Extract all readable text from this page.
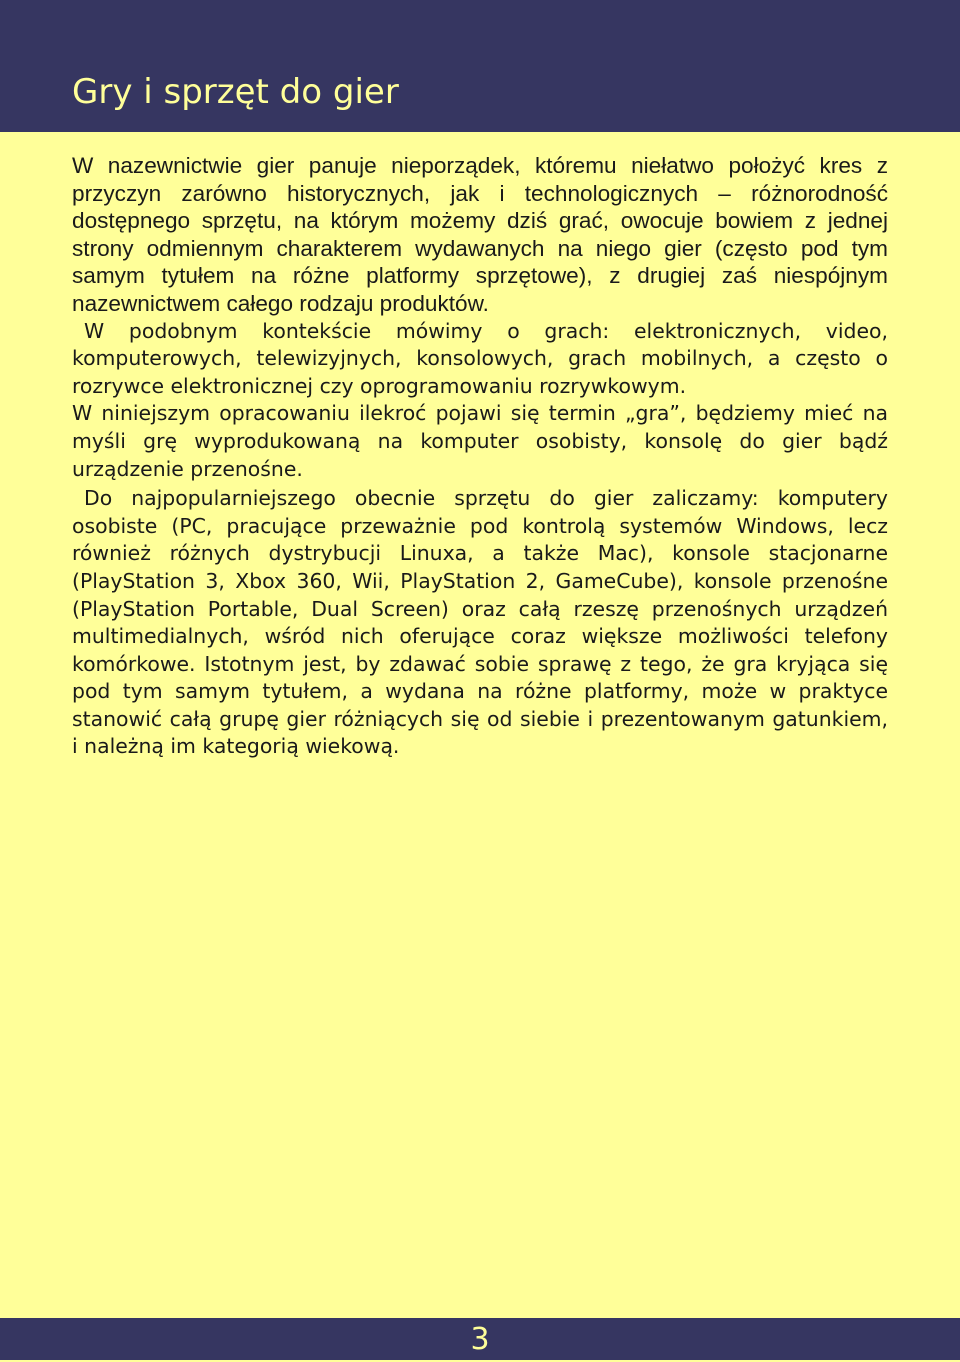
Gry i sprzęt do gier

W nazewnictwie gier panuje nieporządek, któremu niełatwo położyć kres z przyczyn zarówno historycznych, jak i technologicznych – różnorodność dostępnego sprzętu, na którym możemy dziś grać, owocuje bowiem z jednej strony odmiennym charakterem wydawanych na niego gier (często pod tym samym tytułem na różne platformy sprzętowe), z drugiej zaś niespójnym nazewnictwem całego rodzaju produktów.

W podobnym kontekście mówimy o grach: elektronicznych, video, komputerowych, telewizyjnych, konsolowych, grach mobilnych, a często o rozrywce elektronicznej czy oprogramowaniu rozrywkowym.

W niniejszym opracowaniu ilekroć pojawi się termin „gra”, będziemy mieć na myśli grę wyprodukowaną na komputer osobisty, konsolę do gier bądź urządzenie przenośne.

Do najpopularniejszego obecnie sprzętu do gier zaliczamy: komputery osobiste (PC, pracujące przeważnie pod kontrolą systemów Windows, lecz również różnych dystrybucji Linuxa, a także Mac), konsole stacjonarne (PlayStation 3, Xbox 360, Wii, PlayStation 2, GameCube), konsole przenośne (PlayStation Portable, Dual Screen) oraz całą rzeszę przenośnych urządzeń multimedialnych, wśród nich oferujące coraz większe możliwości telefony komórkowe. Istotnym jest, by zdawać sobie sprawę z tego, że gra kryjąca się pod tym samym tytułem, a wydana na różne platformy, może w praktyce stanowić całą grupę gier różniących się od siebie i prezentowanym gatunkiem, i należną im kategorią wiekową.

3
